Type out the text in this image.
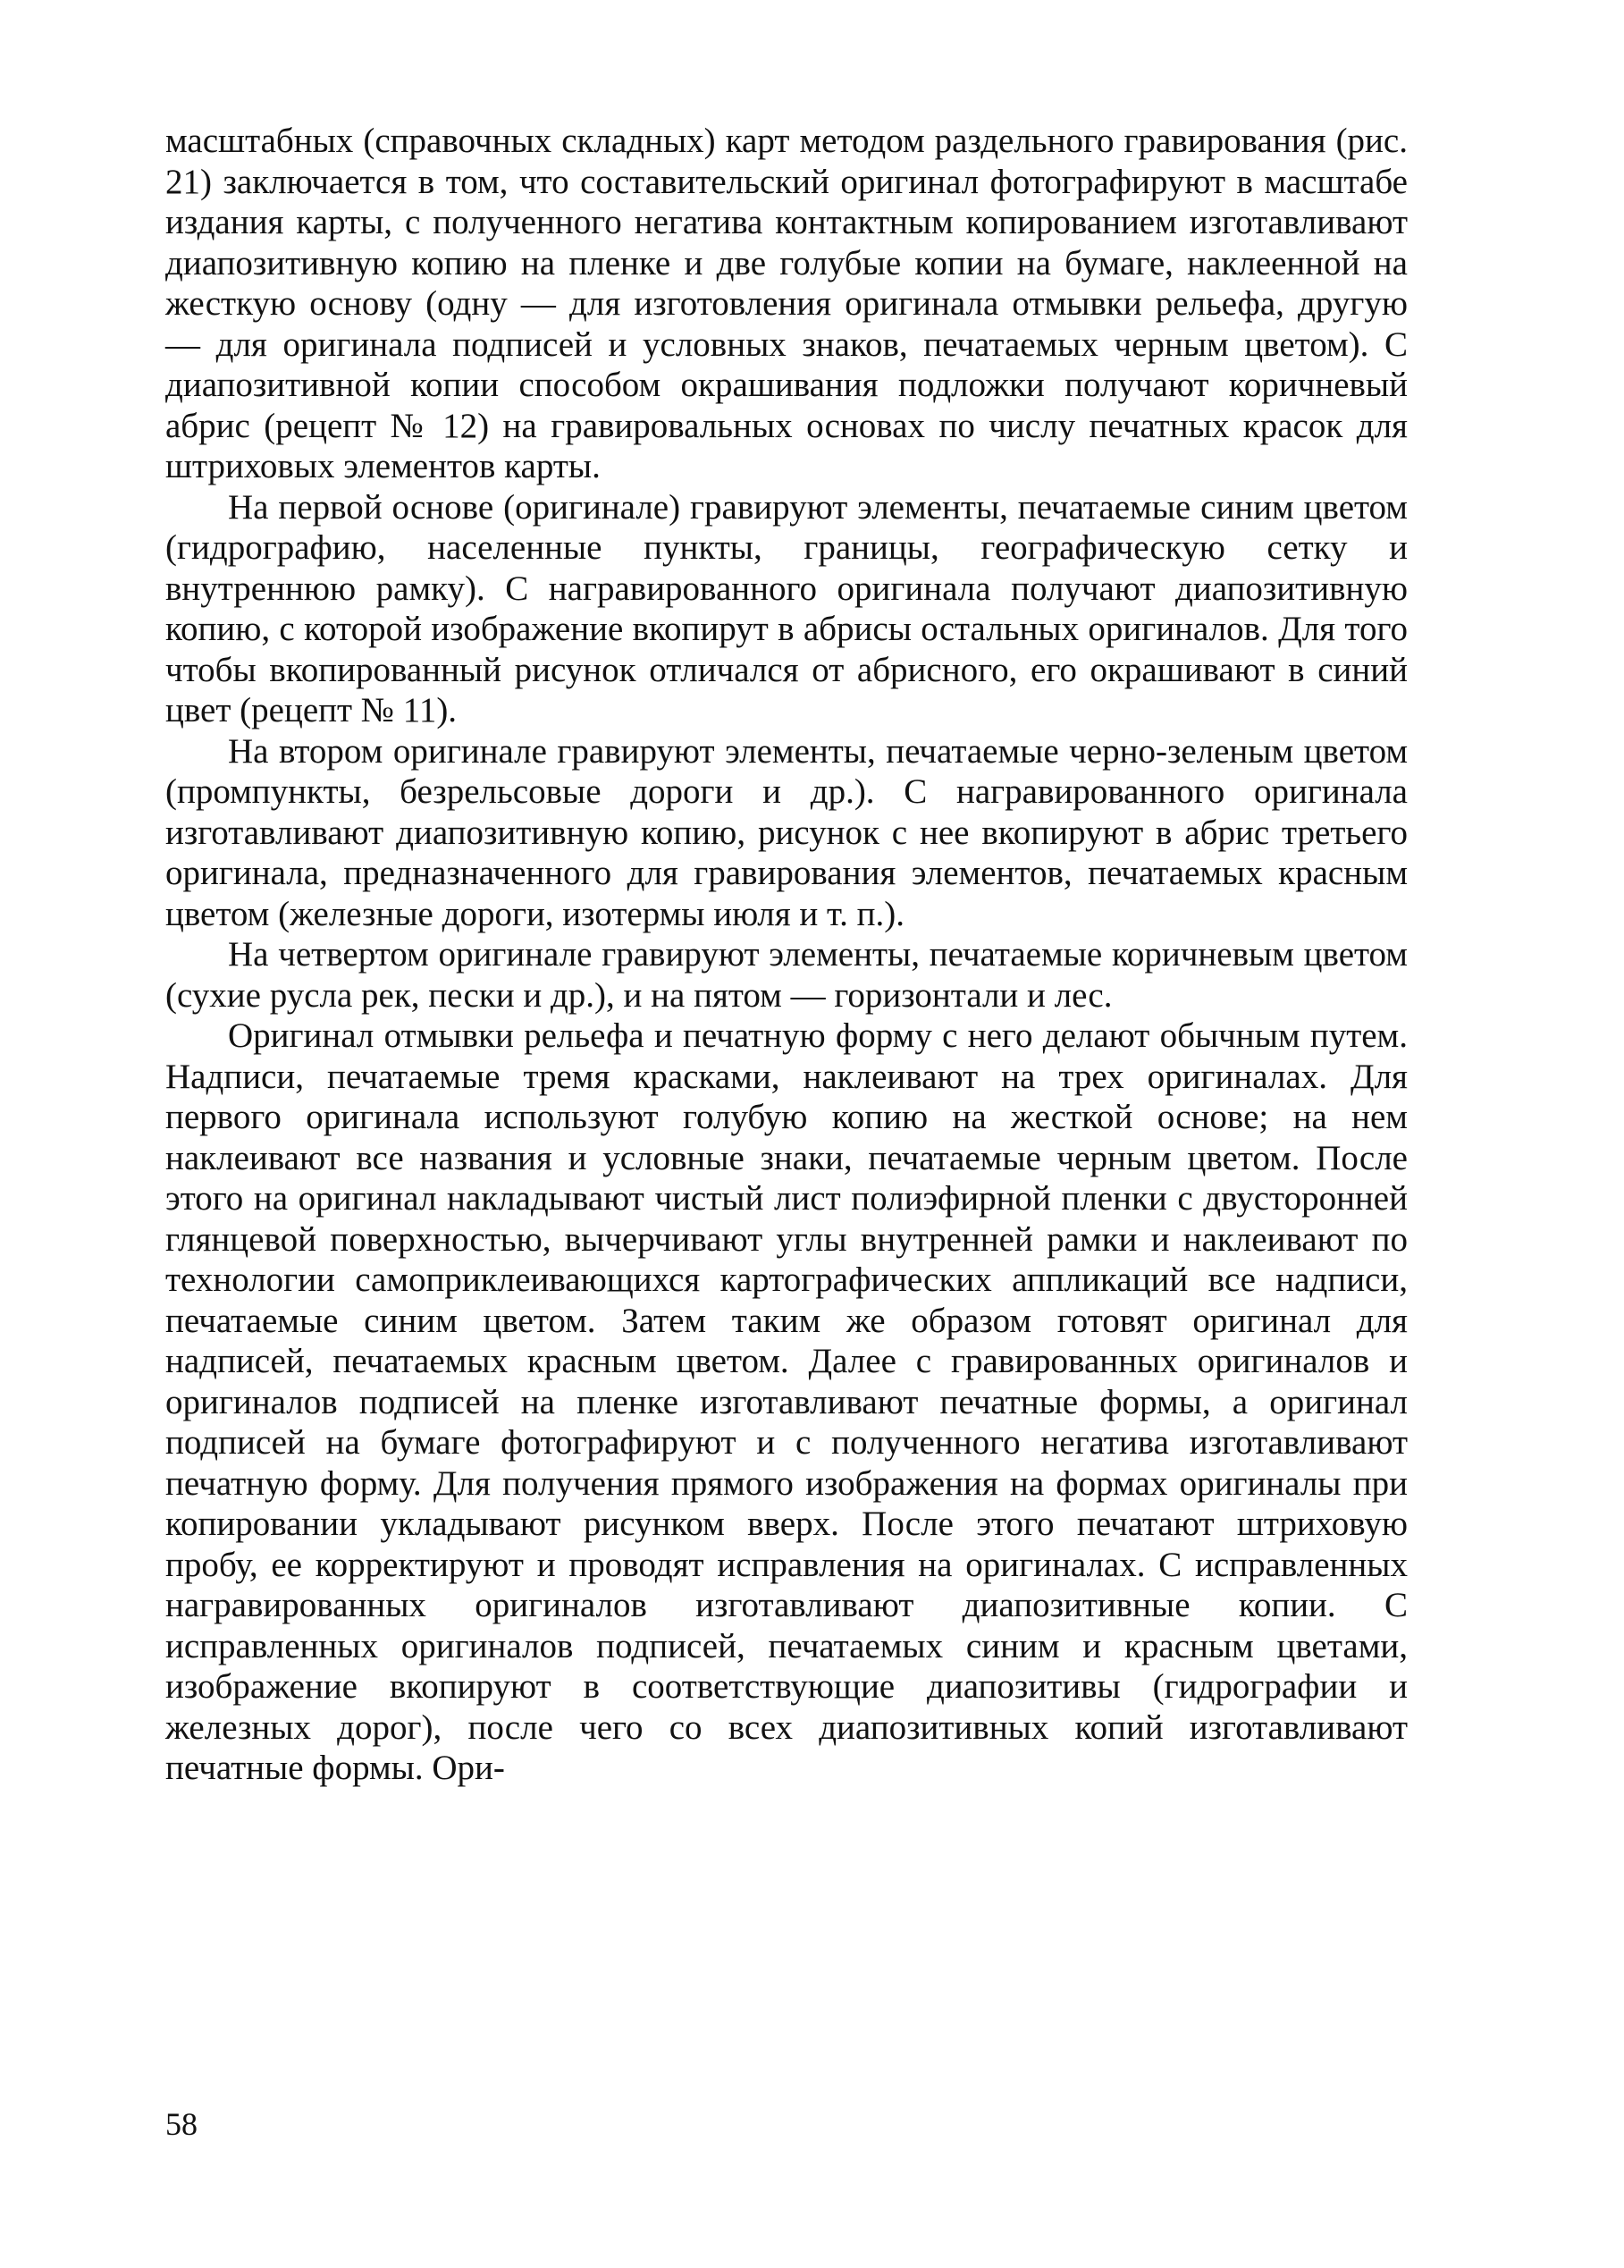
масштабных (справочных складных) карт методом раздельного гравирования (рис. 21) заключается в том, что составительский оригинал фотографируют в масштабе издания карты, с полученного негатива контактным копированием изготавливают диапозитивную копию на пленке и две голубые копии на бумаге, наклеенной на жесткую основу (одну — для изготовления оригинала отмывки рельефа, другую — для оригинала подписей и условных знаков, печатаемых черным цветом). С диапозитивной копии способом окрашивания подложки получают коричневый абрис (рецепт № 12) на гравировальных основах по числу печатных красок для штриховых элементов карты.

На первой основе (оригинале) гравируют элементы, печатаемые синим цветом (гидрографию, населенные пункты, границы, географическую сетку и внутреннюю рамку). С награвированного оригинала получают диапозитивную копию, с которой изображение вкопирут в абрисы остальных оригиналов. Для того чтобы вкопированный рисунок отличался от абрисного, его окрашивают в синий цвет (рецепт № 11).

На втором оригинале гравируют элементы, печатаемые черно-зеленым цветом (промпункты, безрельсовые дороги и др.). С награвированного оригинала изготавливают диапозитивную копию, рисунок с нее вкопируют в абрис третьего оригинала, предназначенного для гравирования элементов, печатаемых красным цветом (железные дороги, изотермы июля и т. п.).

На четвертом оригинале гравируют элементы, печатаемые коричневым цветом (сухие русла рек, пески и др.), и на пятом — горизонтали и лес.

Оригинал отмывки рельефа и печатную форму с него делают обычным путем. Надписи, печатаемые тремя красками, наклеивают на трех оригиналах. Для первого оригинала используют голубую копию на жесткой основе; на нем наклеивают все названия и условные знаки, печатаемые черным цветом. После этого на оригинал накладывают чистый лист полиэфирной пленки с двусторонней глянцевой поверхностью, вычерчивают углы внутренней рамки и наклеивают по технологии самоприклеивающихся картографических аппликаций все надписи, печатаемые синим цветом. Затем таким же образом готовят оригинал для надписей, печатаемых красным цветом. Далее с гравированных оригиналов и оригиналов подписей на пленке изготавливают печатные формы, а оригинал подписей на бумаге фотографируют и с полученного негатива изготавливают печатную форму. Для получения прямого изображения на формах оригиналы при копировании укладывают рисунком вверх. После этого печатают штриховую пробу, ее корректируют и проводят исправления на оригиналах. С исправленных награвированных оригиналов изготавливают диапозитивные копии. С исправленных оригиналов подписей, печатаемых синим и красным цветами, изображение вкопируют в соответствующие диапозитивы (гидрографии и железных дорог), после чего со всех диапозитивных копий изготавливают печатные формы. Ори-

58
